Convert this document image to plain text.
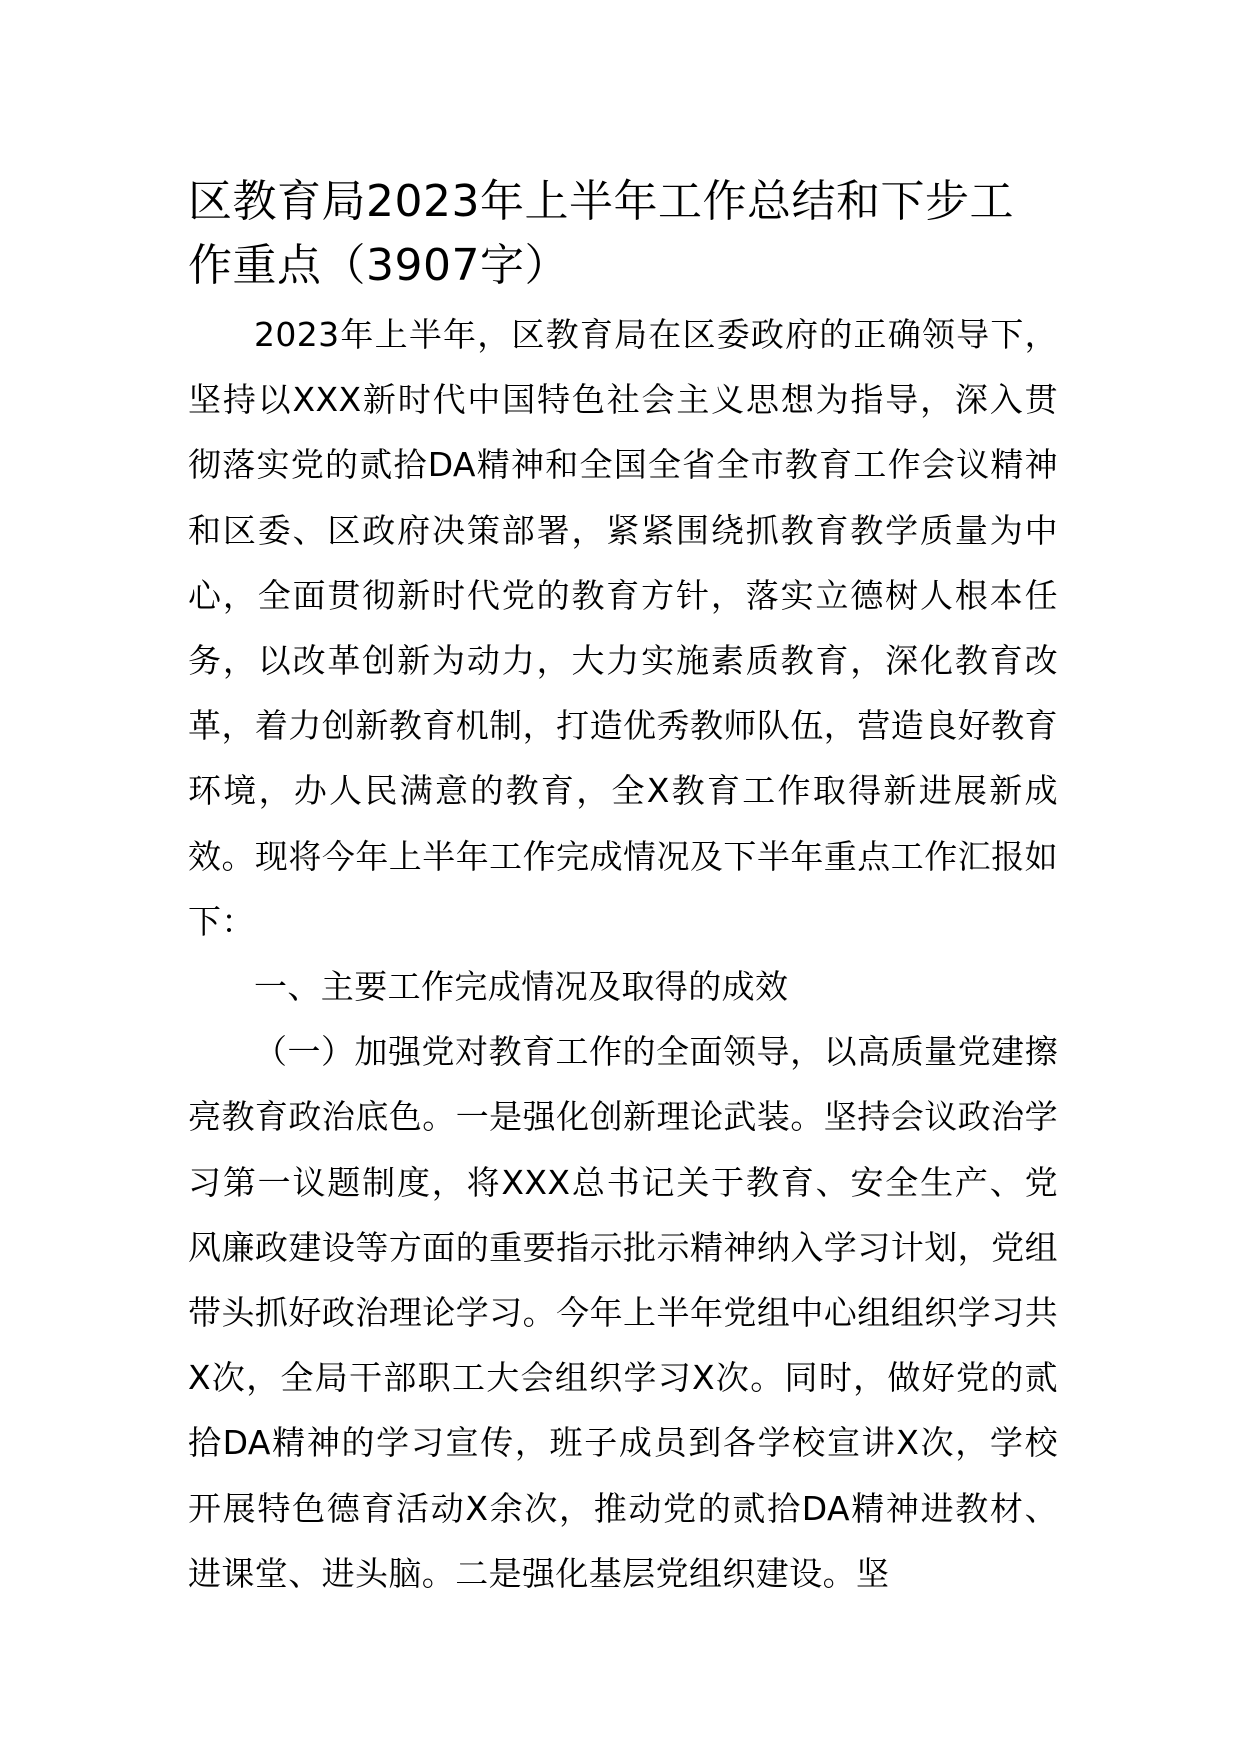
区教育局2023年上半年工作总结和下步工作重点（3907字）

2023年上半年，区教育局在区委政府的正确领导下，坚持以XXX新时代中国特色社会主义思想为指导，深入贯彻落实党的贰拾DA精神和全国全省全市教育工作会议精神和区委、区政府决策部署，紧紧围绕抓教育教学质量为中心，全面贯彻新时代党的教育方针，落实立德树人根本任务，以改革创新为动力，大力实施素质教育，深化教育改革，着力创新教育机制，打造优秀教师队伍，营造良好教育环境，办人民满意的教育，全X教育工作取得新进展新成效。现将今年上半年工作完成情况及下半年重点工作汇报如下：

一、主要工作完成情况及取得的成效

（一）加强党对教育工作的全面领导，以高质量党建擦亮教育政治底色。一是强化创新理论武装。坚持会议政治学习第一议题制度，将XXX总书记关于教育、安全生产、党风廉政建设等方面的重要指示批示精神纳入学习计划，党组带头抓好政治理论学习。今年上半年党组中心组组织学习共X次，全局干部职工大会组织学习X次。同时，做好党的贰拾DA精神的学习宣传，班子成员到各学校宣讲X次，学校开展特色德育活动X余次，推动党的贰拾DA精神进教材、进课堂、进头脑。二是强化基层党组织建设。坚
